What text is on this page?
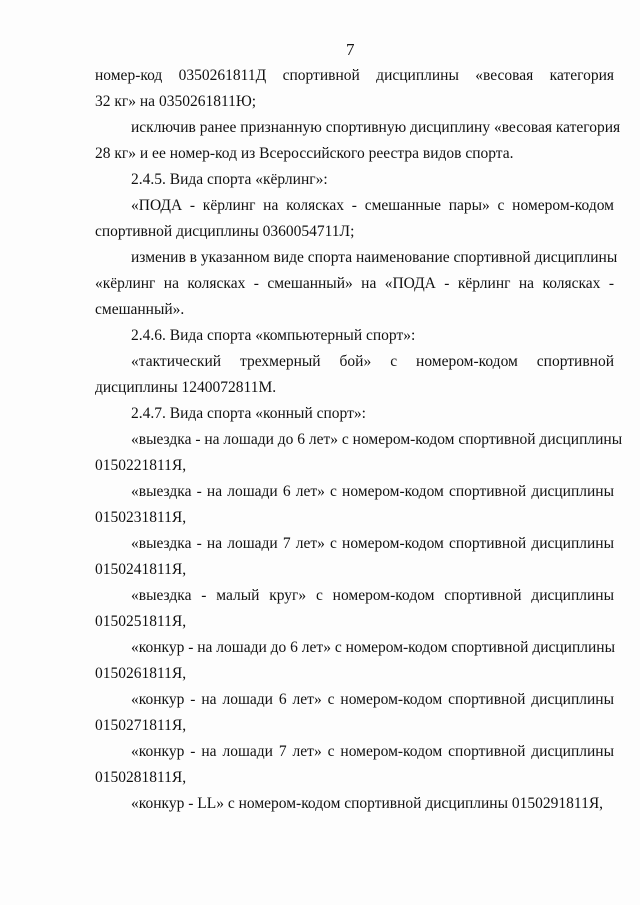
7
номер-код 0350261811Д спортивной дисциплины «весовая категория
32 кг» на 0350261811Ю;
исключив ранее признанную спортивную дисциплину «весовая категория
28 кг» и ее номер-код из Всероссийского реестра видов спорта.
2.4.5. Вида спорта «кёрлинг»:
«ПОДА - кёрлинг на колясках - смешанные пары» с номером-кодом
спортивной дисциплины 0360054711Л;
изменив в указанном виде спорта наименование спортивной дисциплины
«кёрлинг на колясках - смешанный» на «ПОДА - кёрлинг на колясках -
смешанный».
2.4.6. Вида спорта «компьютерный спорт»:
«тактический трехмерный бой» с номером-кодом спортивной
дисциплины 1240072811М.
2.4.7. Вида спорта «конный спорт»:
«выездка - на лошади до 6 лет» с номером-кодом спортивной дисциплины
0150221811Я,
«выездка - на лошади 6 лет» с номером-кодом спортивной дисциплины
0150231811Я,
«выездка - на лошади 7 лет» с номером-кодом спортивной дисциплины
0150241811Я,
«выездка - малый круг» с номером-кодом спортивной дисциплины
0150251811Я,
«конкур - на лошади до 6 лет» с номером-кодом спортивной дисциплины
0150261811Я,
«конкур - на лошади 6 лет» с номером-кодом спортивной дисциплины
0150271811Я,
«конкур - на лошади 7 лет» с номером-кодом спортивной дисциплины
0150281811Я,
«конкур - LL» с номером-кодом спортивной дисциплины 0150291811Я,
